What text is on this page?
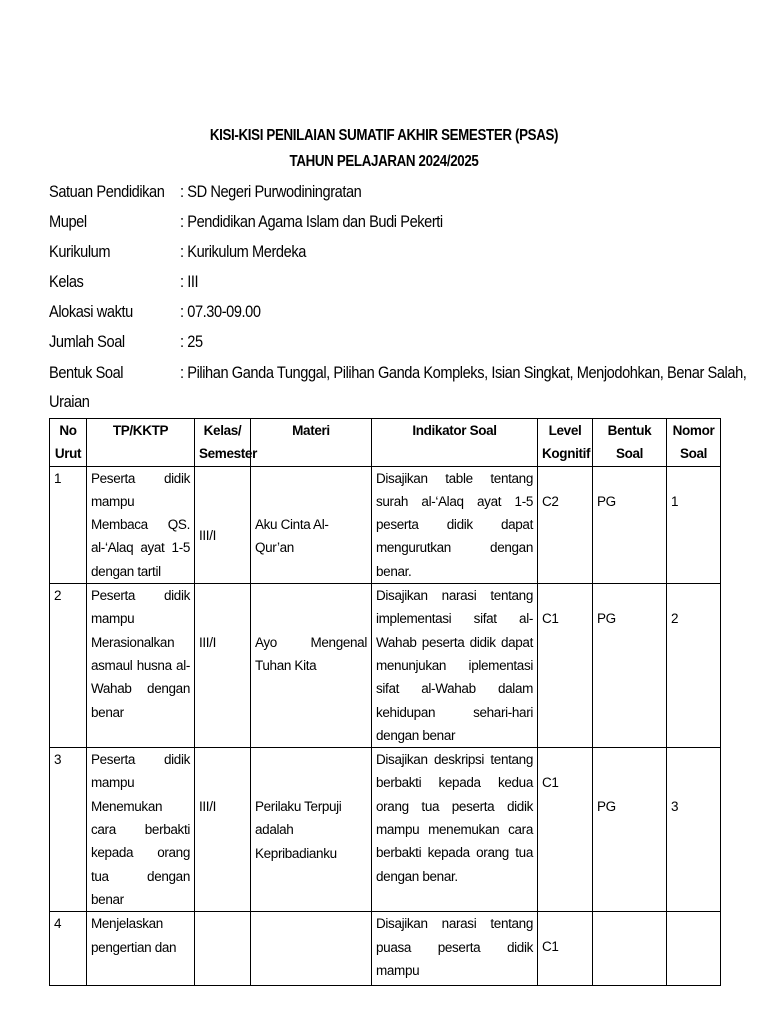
KISI-KISI PENILAIAN SUMATIF AKHIR SEMESTER (PSAS)
TAHUN PELAJARAN 2024/2025
Satuan Pendidikan : SD Negeri Purwodiningratan
Mupel	: Pendidikan Agama Islam dan Budi Pekerti
Kurikulum	: Kurikulum Merdeka
Kelas	: III
Alokasi waktu	: 07.30-09.00
Jumlah Soal	: 25
Bentuk Soal	: Pilihan Ganda Tunggal, Pilihan Ganda Kompleks, Isian Singkat, Menjodohkan, Benar Salah,
Uraian
No Urut	TP/KKTP	Kelas/ Semester	Materi	Indikator Soal	Level Kognitif	Bentuk Soal	Nomor Soal
1	Peserta didik mampu Membaca QS. al-‘Alaq ayat 1-5 dengan tartil	III/I	Aku Cinta Al-Qur’an	Disajikan table tentang surah al-‘Alaq ayat 1-5 peserta didik dapat mengurutkan dengan benar.	C2	PG	1
2	Peserta didik mampu Merasionalkan asmaul husna al-Wahab dengan benar	III/I	Ayo Mengenal Tuhan Kita	Disajikan narasi tentang implementasi sifat al-Wahab peserta didik dapat menunjukan iplementasi sifat al-Wahab dalam kehidupan sehari-hari dengan benar	C1	PG	2
3	Peserta didik mampu Menemukan cara berbakti kepada orang tua dengan benar	III/I	Perilaku Terpuji adalah Kepribadianku	Disajikan deskripsi tentang berbakti kepada kedua orang tua peserta didik mampu menemukan cara berbakti kepada orang tua dengan benar.	C1	PG	3
4	Menjelaskan pengertian dan			Disajikan narasi tentang puasa peserta didik mampu	C1		
